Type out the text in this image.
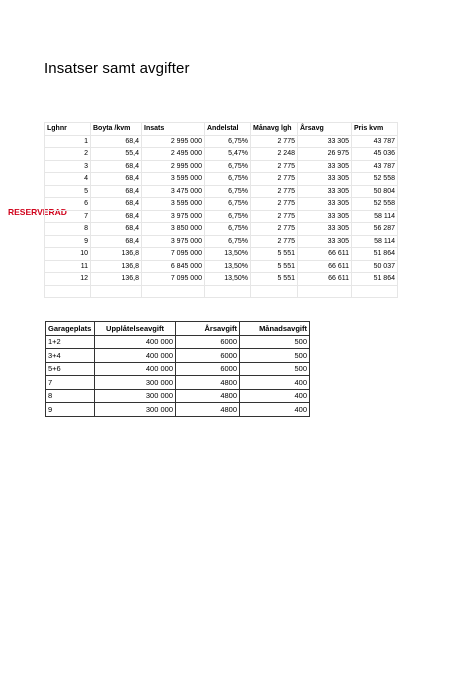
Insatser samt avgifter
RESERVERAD
Lghnr	Boyta /kvm	Insats	Andelstal	Månavg lgh	Årsavg	Pris kvm
1	68,4	2 995 000	6,75%	2 775	33 305	43 787
2	55,4	2 495 000	5,47%	2 248	26 975	45 036
3	68,4	2 995 000	6,75%	2 775	33 305	43 787
4	68,4	3 595 000	6,75%	2 775	33 305	52 558
5	68,4	3 475 000	6,75%	2 775	33 305	50 804
6	68,4	3 595 000	6,75%	2 775	33 305	52 558
7	68,4	3 975 000	6,75%	2 775	33 305	58 114
8	68,4	3 850 000	6,75%	2 775	33 305	56 287
9	68,4	3 975 000	6,75%	2 775	33 305	58 114
10	136,8	7 095 000	13,50%	5 551	66 611	51 864
11	136,8	6 845 000	13,50%	5 551	66 611	50 037
12	136,8	7 095 000	13,50%	5 551	66 611	51 864

Garageplats	Upplåtelseavgift	Årsavgift	Månadsavgift
1+2	400 000	6000	500
3+4	400 000	6000	500
5+6	400 000	6000	500
7	300 000	4800	400
8	300 000	4800	400
9	300 000	4800	400
